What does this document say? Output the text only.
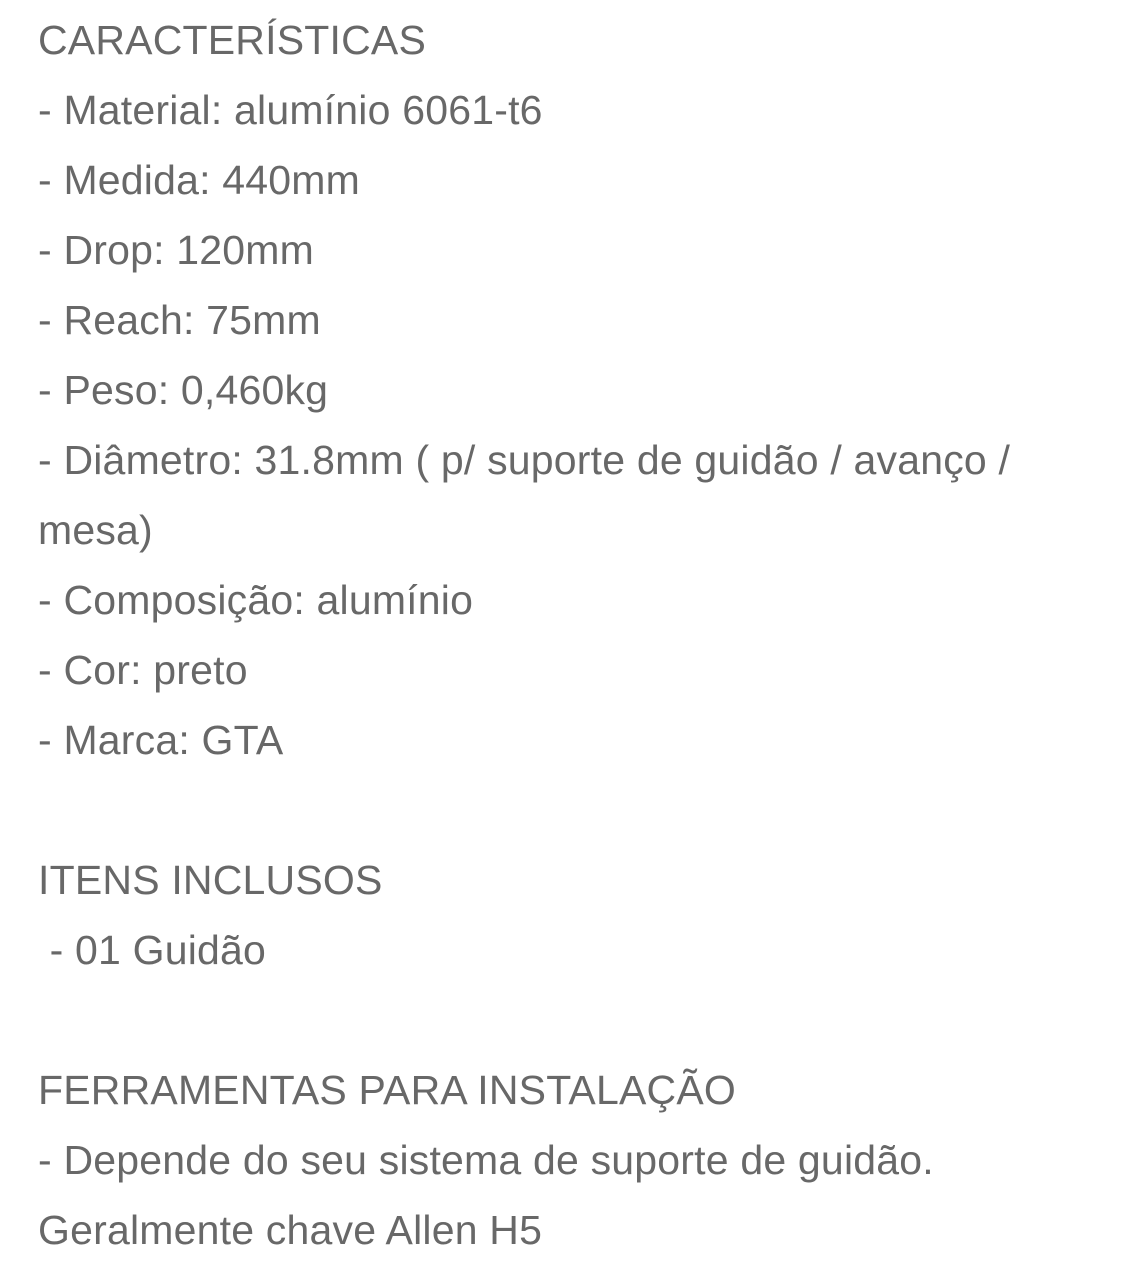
CARACTERÍSTICAS
- Material: alumínio 6061-t6
- Medida: 440mm
- Drop: 120mm
- Reach: 75mm
- Peso: 0,460kg
- Diâmetro: 31.8mm ( p/ suporte de guidão / avanço /
mesa)
- Composição: alumínio
- Cor: preto
- Marca: GTA
ITENS INCLUSOS
- 01 Guidão
FERRAMENTAS PARA INSTALAÇÃO
- Depende do seu sistema de suporte de guidão.
Geralmente chave Allen H5
